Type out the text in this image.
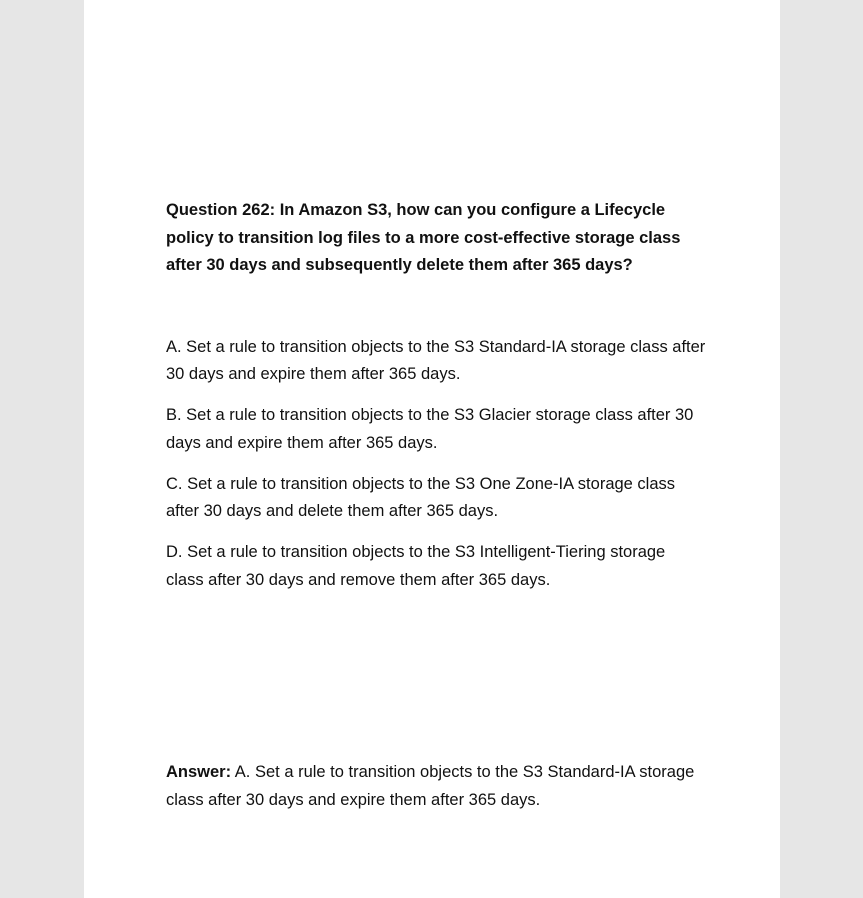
Question 262: In Amazon S3, how can you configure a Lifecycle policy to transition log files to a more cost-effective storage class after 30 days and subsequently delete them after 365 days?

A. Set a rule to transition objects to the S3 Standard-IA storage class after 30 days and expire them after 365 days.

B. Set a rule to transition objects to the S3 Glacier storage class after 30 days and expire them after 365 days.

C. Set a rule to transition objects to the S3 One Zone-IA storage class after 30 days and delete them after 365 days.

D. Set a rule to transition objects to the S3 Intelligent-Tiering storage class after 30 days and remove them after 365 days.

Answer: A. Set a rule to transition objects to the S3 Standard-IA storage class after 30 days and expire them after 365 days.
